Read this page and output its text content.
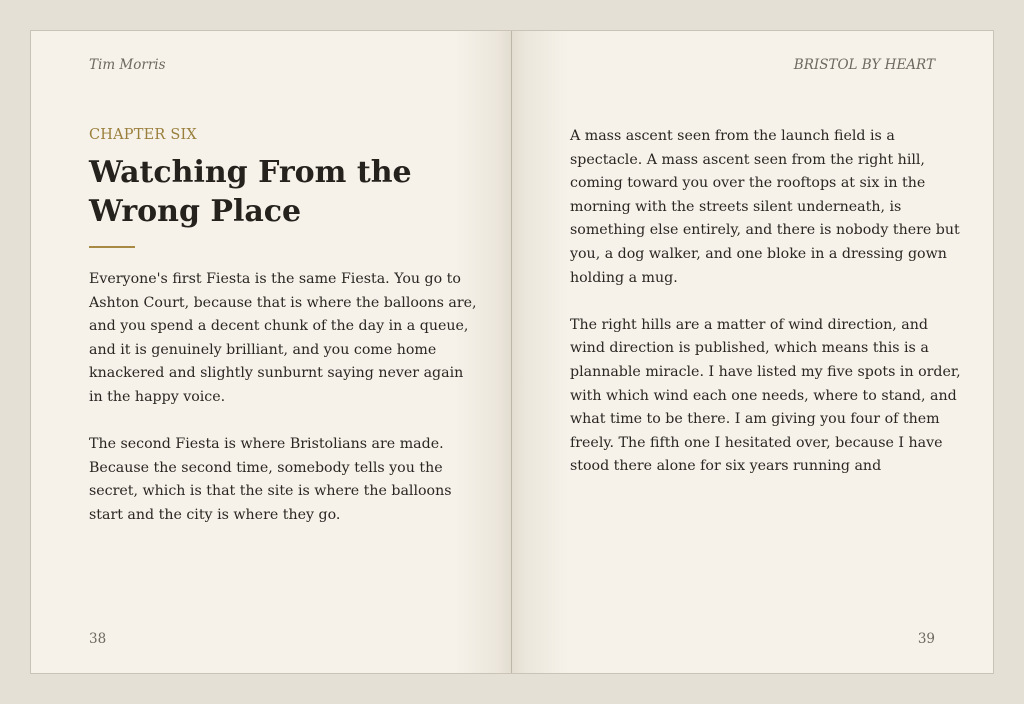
Tim Morris
CHAPTER SIX
Watching From the Wrong Place

Everyone's first Fiesta is the same Fiesta. You go to Ashton Court, because that is where the balloons are, and you spend a decent chunk of the day in a queue, and it is genuinely brilliant, and you come home knackered and slightly sunburnt saying never again in the happy voice.

The second Fiesta is where Bristolians are made. Because the second time, somebody tells you the secret, which is that the site is where the balloons start and the city is where they go.

38
BRISTOL BY HEART

A mass ascent seen from the launch field is a spectacle. A mass ascent seen from the right hill, coming toward you over the rooftops at six in the morning with the streets silent underneath, is something else entirely, and there is nobody there but you, a dog walker, and one bloke in a dressing gown holding a mug.

The right hills are a matter of wind direction, and wind direction is published, which means this is a plannable miracle. I have listed my five spots in order, with which wind each one needs, where to stand, and what time to be there. I am giving you four of them freely. The fifth one I hesitated over, because I have stood there alone for six years running and

39
